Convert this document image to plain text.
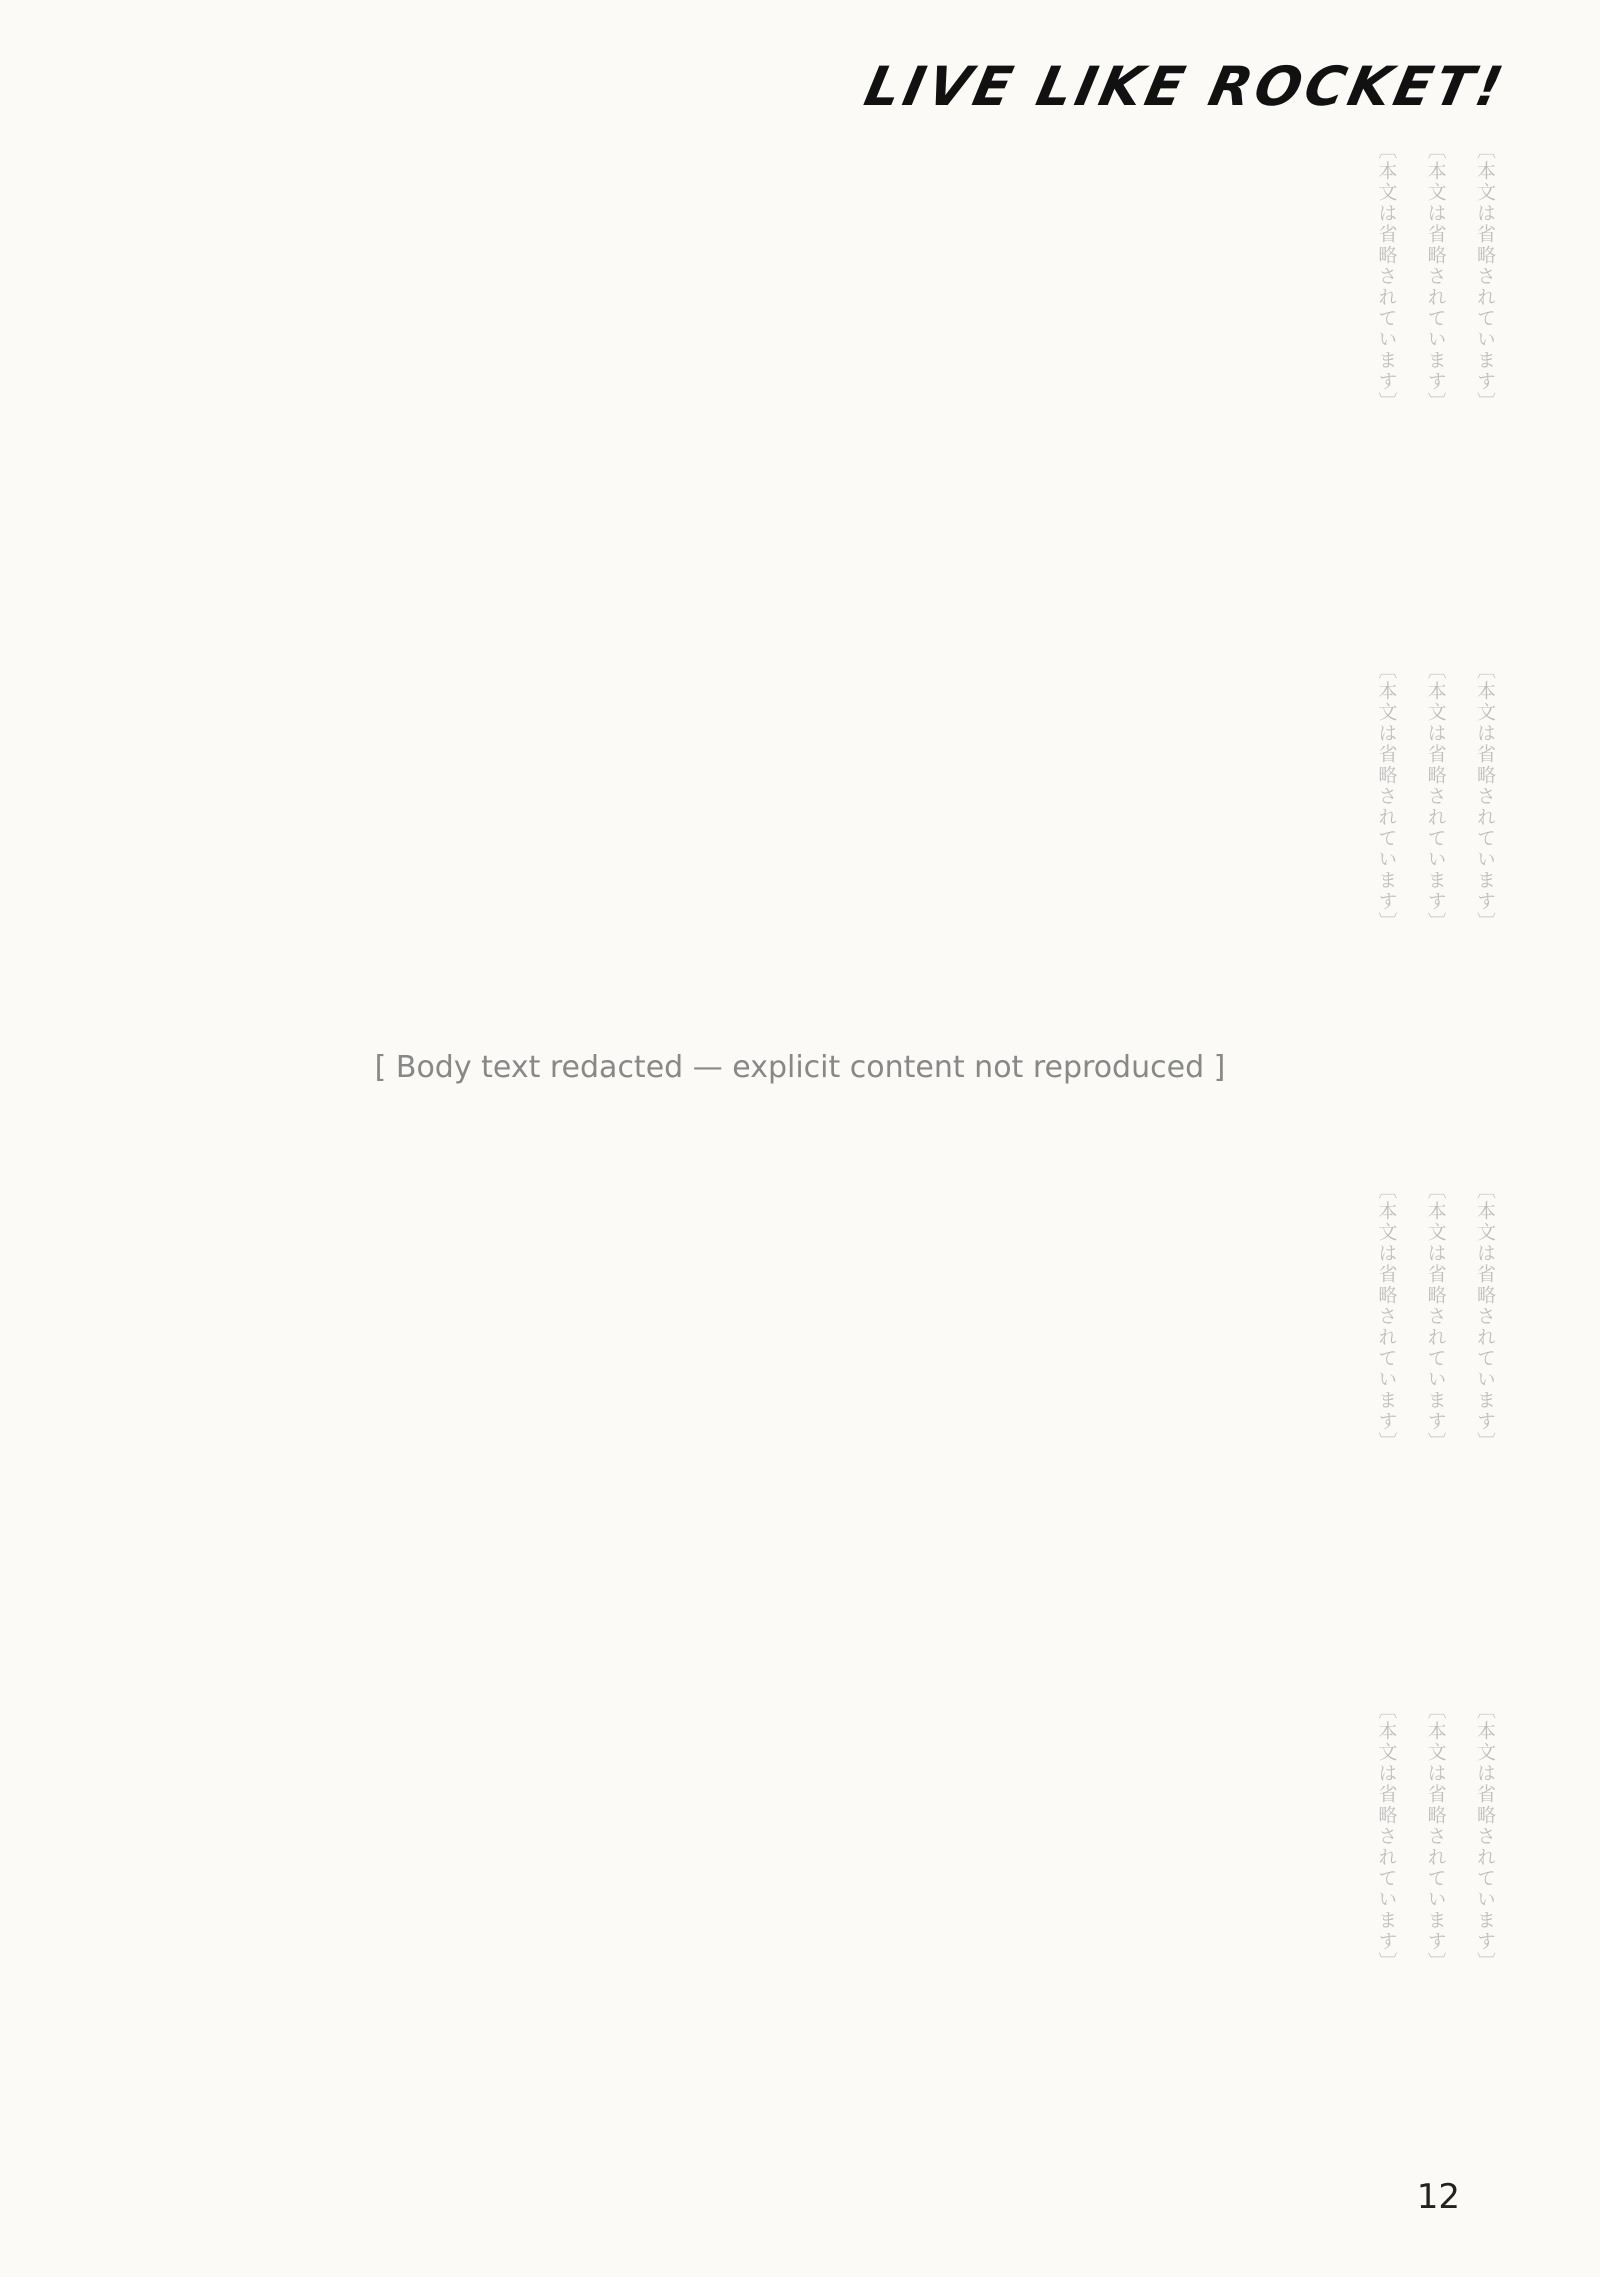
LIVE LIKE ROCKET!
〔本文は省略されています〕
〔本文は省略されています〕
〔本文は省略されています〕
〔本文は省略されています〕
〔本文は省略されています〕
〔本文は省略されています〕
[ Body text redacted — explicit content not reproduced ]
〔本文は省略されています〕
〔本文は省略されています〕
〔本文は省略されています〕
〔本文は省略されています〕
〔本文は省略されています〕
〔本文は省略されています〕
12
